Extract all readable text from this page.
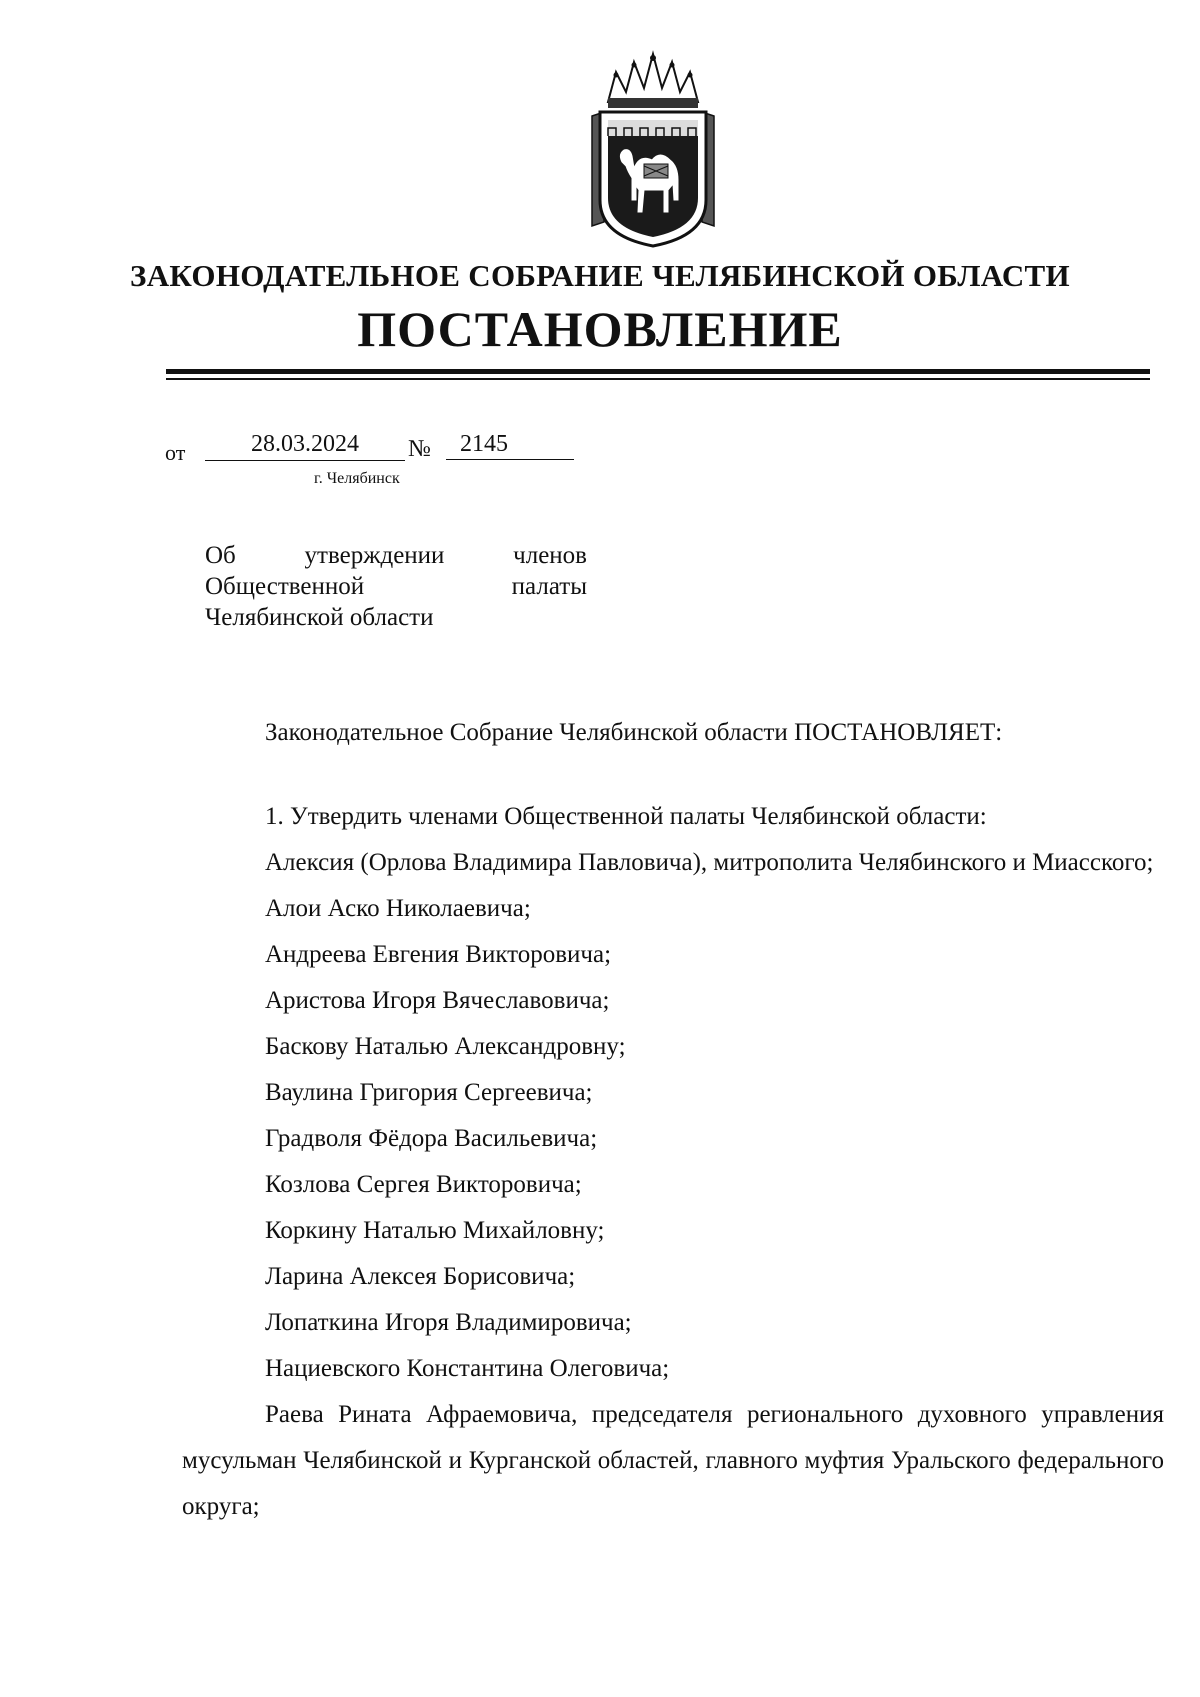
ЗАКОНОДАТЕЛЬНОЕ СОБРАНИЕ ЧЕЛЯБИНСКОЙ ОБЛАСТИ
ПОСТАНОВЛЕНИЕ
от	28.03.2024	№	2145
г. Челябинск

Об утверждении членов Общественной палаты Челябинской области

Законодательное Собрание Челябинской области ПОСТАНОВЛЯЕТ:

1. Утвердить членами Общественной палаты Челябинской области:

Алексия (Орлова Владимира Павловича), митрополита Челябинского и Миасского;
Алои Аско Николаевича;
Андреева Евгения Викторовича;
Аристова Игоря Вячеславовича;
Баскову Наталью Александровну;
Ваулина Григория Сергеевича;
Градволя Фёдора Васильевича;
Козлова Сергея Викторовича;
Коркину Наталью Михайловну;
Ларина Алексея Борисовича;
Лопаткина Игоря Владимировича;
Нациевского Константина Олеговича;
Раева Рината Афраемовича, председателя регионального духовного управления мусульман Челябинской и Курганской областей, главного муфтия Уральского федерального округа;
